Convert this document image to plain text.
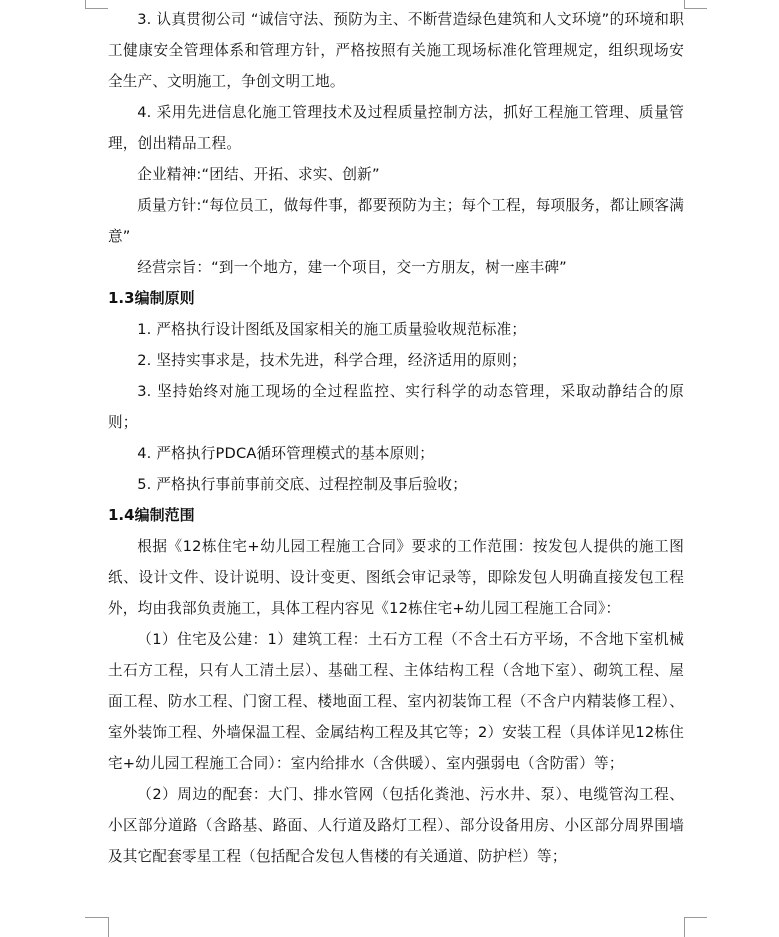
3. 认真贯彻公司 “诚信守法、预防为主、不断营造绿色建筑和人文环境”的环境和职工健康安全管理体系和管理方针，严格按照有关施工现场标准化管理规定，组织现场安全生产、文明施工，争创文明工地。

4. 采用先进信息化施工管理技术及过程质量控制方法，抓好工程施工管理、质量管理，创出精品工程。

企业精神:“团结、开拓、求实、创新”

质量方针:“每位员工，做每件事，都要预防为主；每个工程，每项服务，都让顾客满意”

经营宗旨：“到一个地方，建一个项目，交一方朋友，树一座丰碑”

1.3编制原则

1. 严格执行设计图纸及国家相关的施工质量验收规范标准；

2. 坚持实事求是，技术先进，科学合理，经济适用的原则；

3. 坚持始终对施工现场的全过程监控、实行科学的动态管理，采取动静结合的原则；

4. 严格执行PDCA循环管理模式的基本原则；

5. 严格执行事前事前交底、过程控制及事后验收；

1.4编制范围

根据《12栋住宅+幼儿园工程施工合同》要求的工作范围：按发包人提供的施工图纸、设计文件、设计说明、设计变更、图纸会审记录等，即除发包人明确直接发包工程外，均由我部负责施工，具体工程内容见《12栋住宅+幼儿园工程施工合同》：

（1）住宅及公建：1）建筑工程：土石方工程（不含土石方平场，不含地下室机械土石方工程，只有人工清土层）、基础工程、主体结构工程（含地下室）、砌筑工程、屋面工程、防水工程、门窗工程、楼地面工程、室内初装饰工程（不含户内精装修工程）、室外装饰工程、外墙保温工程、金属结构工程及其它等；2）安装工程（具体详见12栋住宅+幼儿园工程施工合同）：室内给排水（含供暖）、室内强弱电（含防雷）等；

（2）周边的配套：大门、排水管网（包括化粪池、污水井、泵）、电缆管沟工程、小区部分道路（含路基、路面、人行道及路灯工程）、部分设备用房、小区部分周界围墙及其它配套零星工程（包括配合发包人售楼的有关通道、防护栏）等；
